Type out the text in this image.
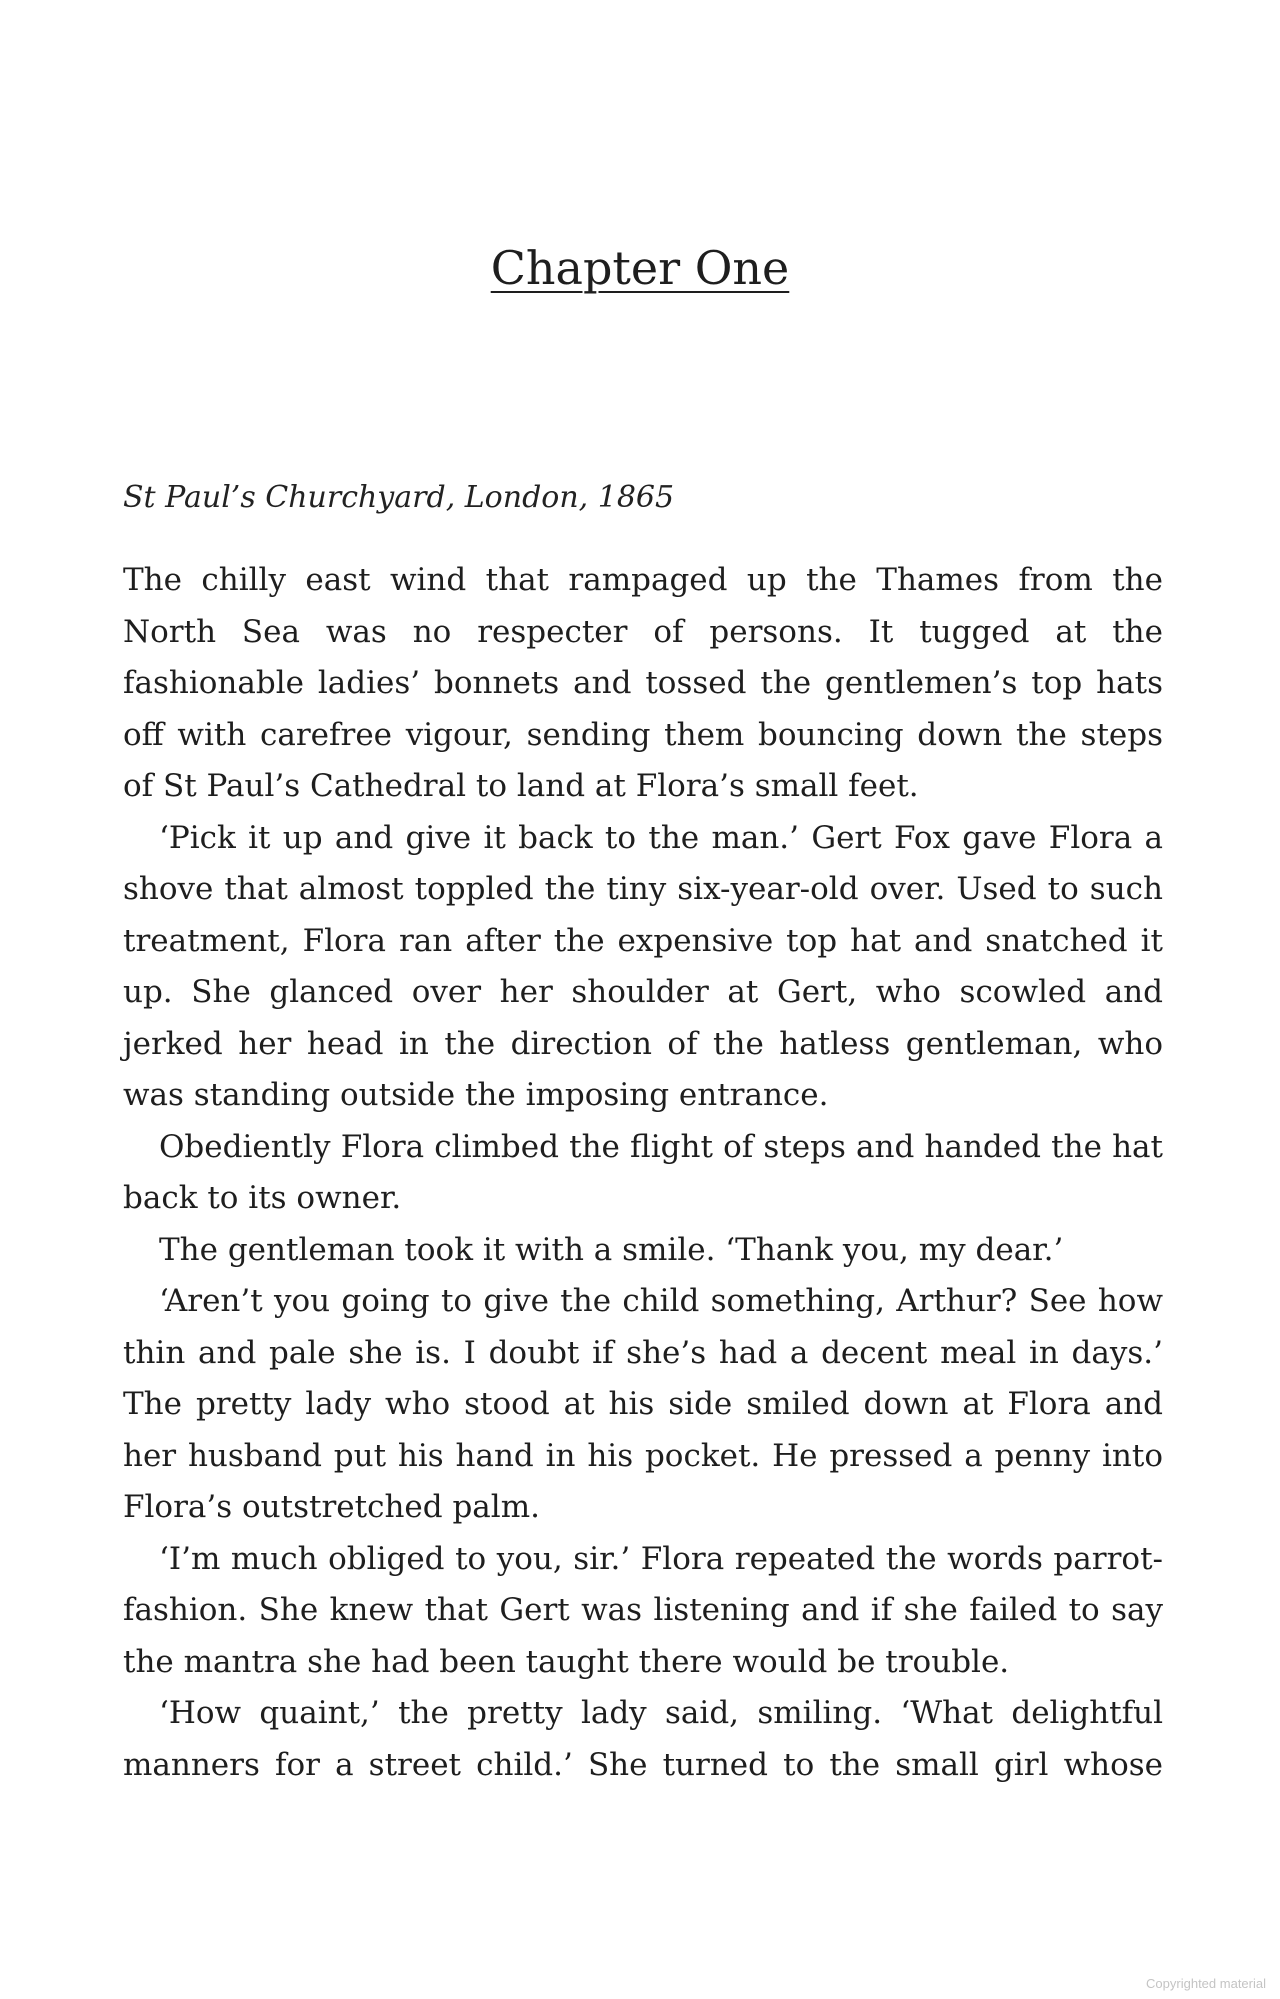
Chapter One

St Paul’s Churchyard, London, 1865

The chilly east wind that rampaged up the Thames from the North Sea was no respecter of persons. It tugged at the fashionable ladies’ bonnets and tossed the gentlemen’s top hats off with carefree vigour, sending them bouncing down the steps of St Paul’s Cathedral to land at Flora’s small feet.

‘Pick it up and give it back to the man.’ Gert Fox gave Flora a shove that almost toppled the tiny six-year-old over. Used to such treatment, Flora ran after the expensive top hat and snatched it up. She glanced over her shoulder at Gert, who scowled and jerked her head in the direction of the hatless gentleman, who was standing outside the imposing entrance.

Obediently Flora climbed the flight of steps and handed the hat back to its owner.

The gentleman took it with a smile. ‘Thank you, my dear.’

‘Aren’t you going to give the child something, Arthur? See how thin and pale she is. I doubt if she’s had a decent meal in days.’ The pretty lady who stood at his side smiled down at Flora and her husband put his hand in his pocket. He pressed a penny into Flora’s outstretched palm.

‘I’m much obliged to you, sir.’ Flora repeated the words parrot-fashion. She knew that Gert was listening and if she failed to say the mantra she had been taught there would be trouble.

‘How quaint,’ the pretty lady said, smiling. ‘What delightful manners for a street child.’ She turned to the small girl whose

Copyrighted material
